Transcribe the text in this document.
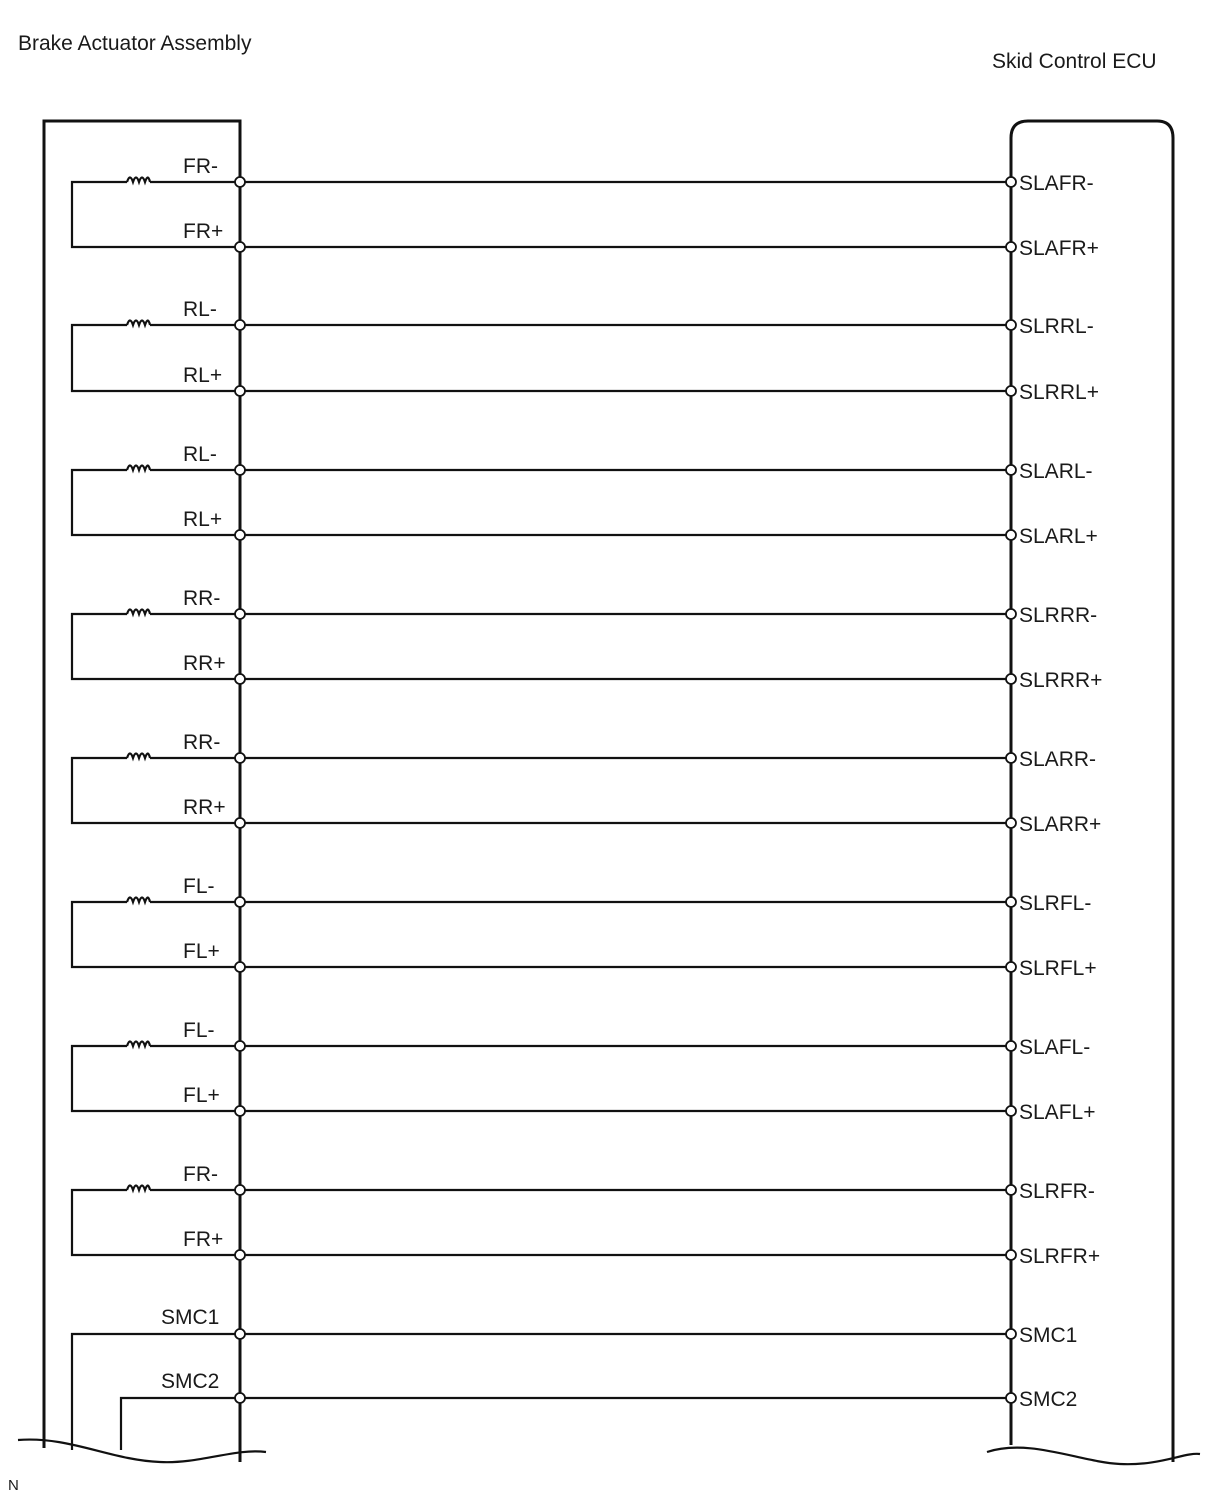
Brake Actuator Assembly
Skid Control ECU
N
FR-
FR+
SLAFR-
SLAFR+
RL-
RL+
SLRRL-
SLRRL+
RL-
RL+
SLARL-
SLARL+
RR-
RR+
SLRRR-
SLRRR+
RR-
RR+
SLARR-
SLARR+
FL-
FL+
SLRFL-
SLRFL+
FL-
FL+
SLAFL-
SLAFL+
FR-
FR+
SLRFR-
SLRFR+
SMC1
SMC1
SMC2
SMC2
